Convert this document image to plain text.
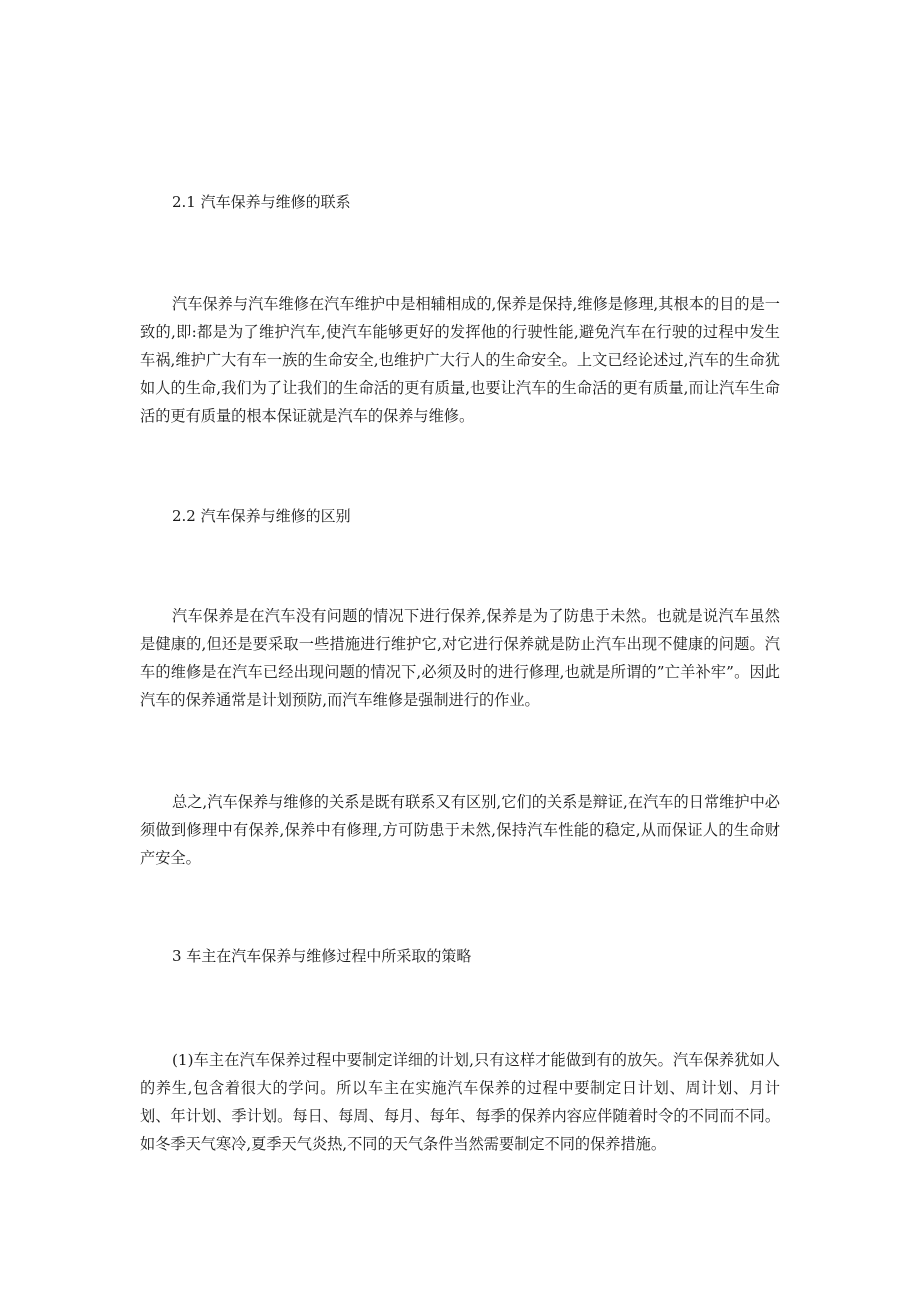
2.1 汽车保养与维修的联系

汽车保养与汽车维修在汽车维护中是相辅相成的,保养是保持,维修是修理,其根本的目的是一致的,即:都是为了维护汽车,使汽车能够更好的发挥他的行驶性能,避免汽车在行驶的过程中发生车祸,维护广大有车一族的生命安全,也维护广大行人的生命安全。上文已经论述过,汽车的生命犹如人的生命,我们为了让我们的生命活的更有质量,也要让汽车的生命活的更有质量,而让汽车生命活的更有质量的根本保证就是汽车的保养与维修。

2.2 汽车保养与维修的区别

汽车保养是在汽车没有问题的情况下进行保养,保养是为了防患于未然。也就是说汽车虽然是健康的,但还是要采取一些措施进行维护它,对它进行保养就是防止汽车出现不健康的问题。汽车的维修是在汽车已经出现问题的情况下,必须及时的进行修理,也就是所谓的”亡羊补牢”。因此汽车的保养通常是计划预防,而汽车维修是强制进行的作业。

总之,汽车保养与维修的关系是既有联系又有区别,它们的关系是辩证,在汽车的日常维护中必须做到修理中有保养,保养中有修理,方可防患于未然,保持汽车性能的稳定,从而保证人的生命财产安全。

3 车主在汽车保养与维修过程中所采取的策略

(1)车主在汽车保养过程中要制定详细的计划,只有这样才能做到有的放矢。汽车保养犹如人的养生,包含着很大的学问。所以车主在实施汽车保养的过程中要制定日计划、周计划、月计划、年计划、季计划。每日、每周、每月、每年、每季的保养内容应伴随着时令的不同而不同。如冬季天气寒冷,夏季天气炎热,不同的天气条件当然需要制定不同的保养措施。
